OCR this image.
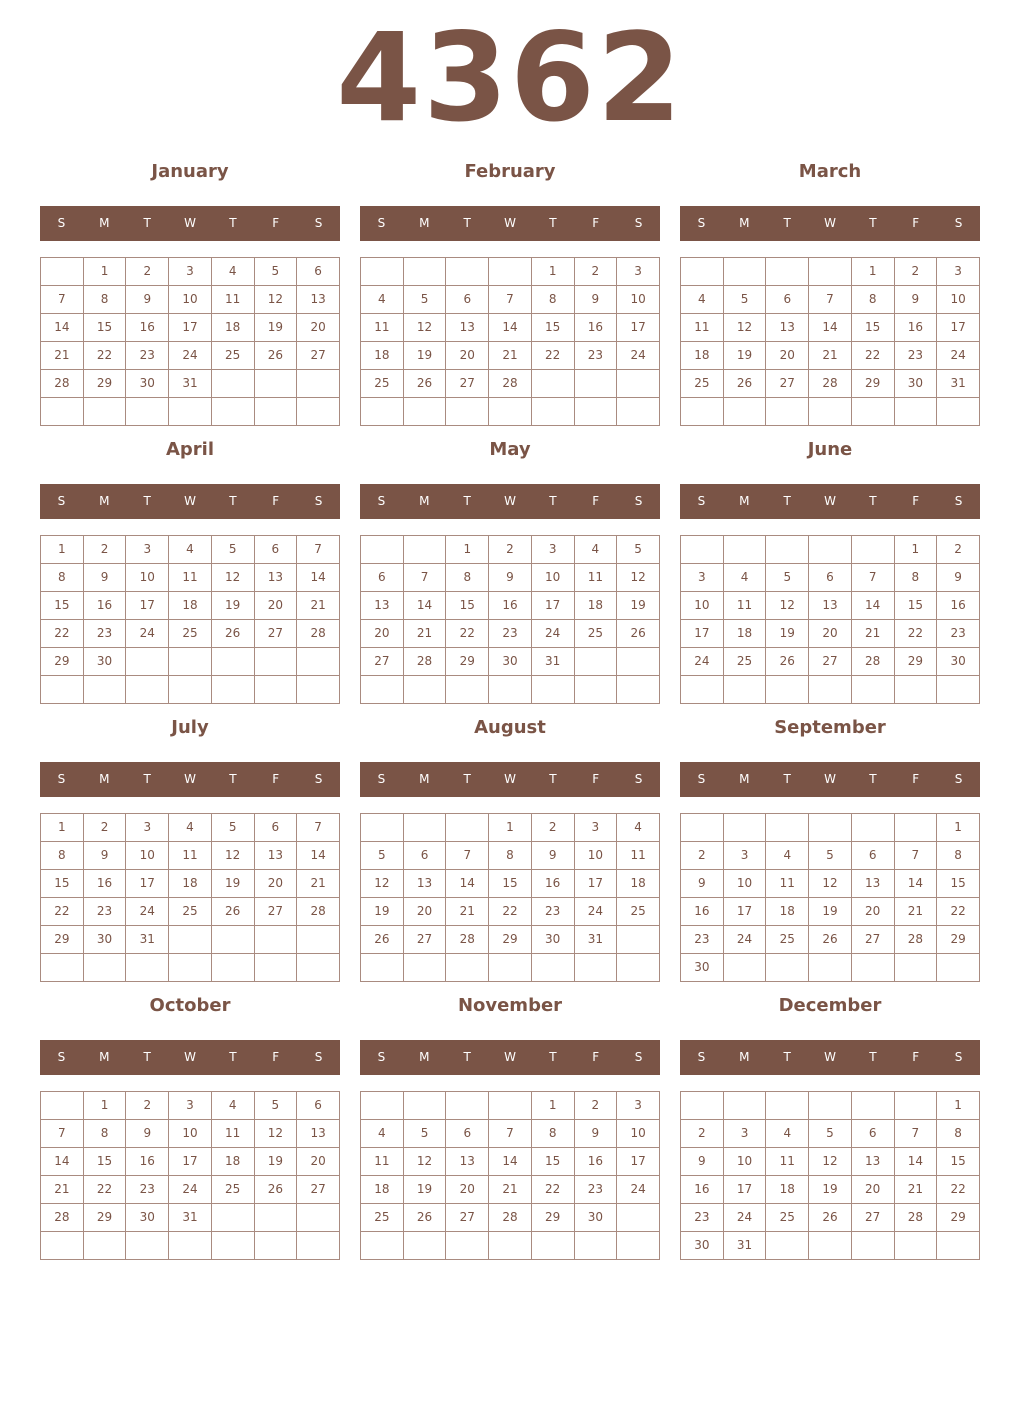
4362
January
S	M	T	W	T	F	S
	1	2	3	4	5	6
7	8	9	10	11	12	13
14	15	16	17	18	19	20
21	22	23	24	25	26	27
28	29	30	31			

February
S	M	T	W	T	F	S
				1	2	3
4	5	6	7	8	9	10
11	12	13	14	15	16	17
18	19	20	21	22	23	24
25	26	27	28			

March
S	M	T	W	T	F	S
				1	2	3
4	5	6	7	8	9	10
11	12	13	14	15	16	17
18	19	20	21	22	23	24
25	26	27	28	29	30	31

April
S	M	T	W	T	F	S
1	2	3	4	5	6	7
8	9	10	11	12	13	14
15	16	17	18	19	20	21
22	23	24	25	26	27	28
29	30					

May
S	M	T	W	T	F	S
		1	2	3	4	5
6	7	8	9	10	11	12
13	14	15	16	17	18	19
20	21	22	23	24	25	26
27	28	29	30	31		

June
S	M	T	W	T	F	S
					1	2
3	4	5	6	7	8	9
10	11	12	13	14	15	16
17	18	19	20	21	22	23
24	25	26	27	28	29	30

July
S	M	T	W	T	F	S
1	2	3	4	5	6	7
8	9	10	11	12	13	14
15	16	17	18	19	20	21
22	23	24	25	26	27	28
29	30	31				

August
S	M	T	W	T	F	S
			1	2	3	4
5	6	7	8	9	10	11
12	13	14	15	16	17	18
19	20	21	22	23	24	25
26	27	28	29	30	31	

September
S	M	T	W	T	F	S
						1
2	3	4	5	6	7	8
9	10	11	12	13	14	15
16	17	18	19	20	21	22
23	24	25	26	27	28	29
30						
October
S	M	T	W	T	F	S
	1	2	3	4	5	6
7	8	9	10	11	12	13
14	15	16	17	18	19	20
21	22	23	24	25	26	27
28	29	30	31			

November
S	M	T	W	T	F	S
				1	2	3
4	5	6	7	8	9	10
11	12	13	14	15	16	17
18	19	20	21	22	23	24
25	26	27	28	29	30	

December
S	M	T	W	T	F	S
						1
2	3	4	5	6	7	8
9	10	11	12	13	14	15
16	17	18	19	20	21	22
23	24	25	26	27	28	29
30	31					
